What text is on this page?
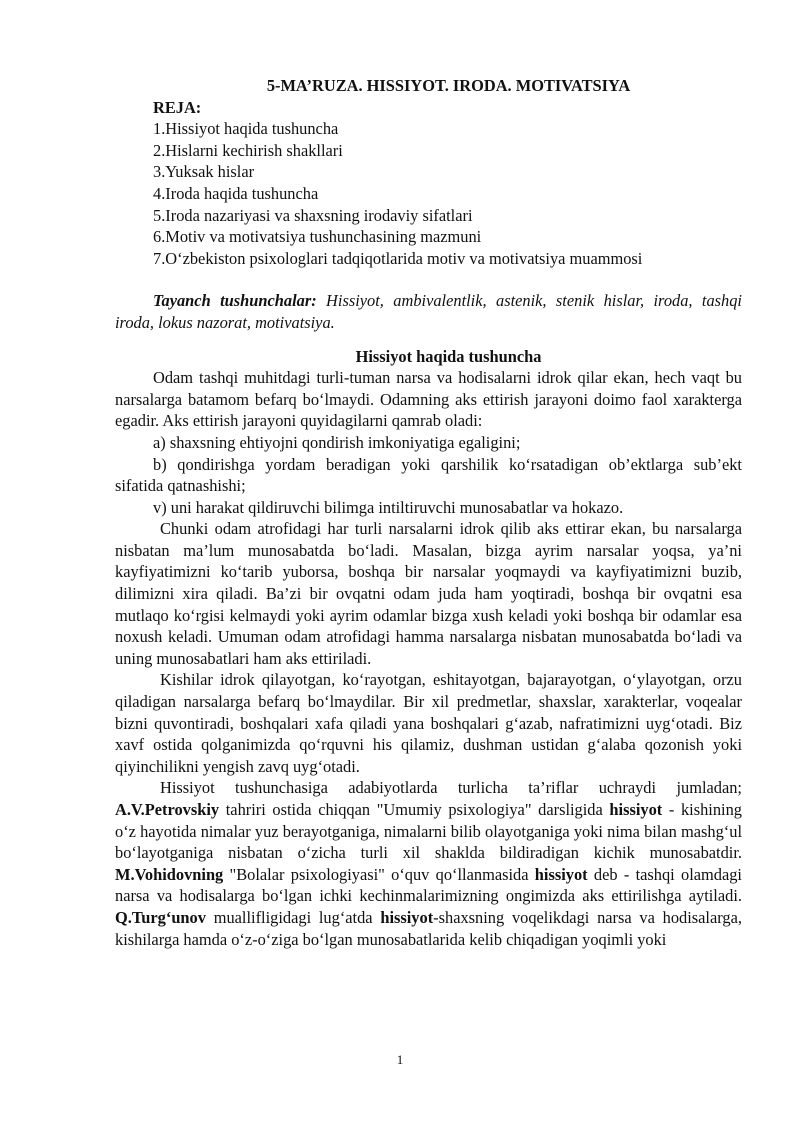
5-MA’RUZA. HISSIYOT. IRODA. MOTIVATSIYA
REJA:
1.Hissiyot haqida tushuncha
2.Hislarni kechirish shakllari
3.Yuksak hislar
4.Iroda haqida tushuncha
5.Iroda nazariyasi va shaxsning irodaviy sifatlari
6.Motiv va motivatsiya tushunchasining mazmuni
7.O‘zbekiston psixologlari tadqiqotlarida motiv va motivatsiya muammosi

Tayanch tushunchalar: Hissiyot, ambivalentlik, astenik, stenik hislar, iroda, tashqi iroda, lokus nazorat, motivatsiya.

Hissiyot haqida tushuncha

Odam tashqi muhitdagi turli-tuman narsa va hodisalarni idrok qilar ekan, hech vaqt bu narsalarga batamom befarq bo‘lmaydi. Odamning aks ettirish jarayoni doimo faol xarakterga egadir. Aks ettirish jarayoni quyidagilarni qamrab oladi:

a) shaxsning ehtiyojni qondirish imkoniyatiga egaligini;

b) qondirishga yordam beradigan yoki qarshilik ko‘rsatadigan ob’ektlarga sub’ekt sifatida qatnashishi;

v) uni harakat qildiruvchi bilimga intiltiruvchi munosabatlar va hokazo.

Chunki odam atrofidagi har turli narsalarni idrok qilib aks ettirar ekan, bu narsalarga nisbatan ma’lum munosabatda bo‘ladi. Masalan, bizga ayrim narsalar yoqsa, ya’ni kayfiyatimizni ko‘tarib yuborsa, boshqa bir narsalar yoqmaydi va kayfiyatimizni buzib, dilimizni xira qiladi. Ba’zi bir ovqatni odam juda ham yoqtiradi, boshqa bir ovqatni esa mutlaqo ko‘rgisi kelmaydi yoki ayrim odamlar bizga xush keladi yoki boshqa bir odamlar esa noxush keladi. Umuman odam atrofidagi hamma narsalarga nisbatan munosabatda bo‘ladi va uning munosabatlari ham aks ettiriladi.

Kishilar idrok qilayotgan, ko‘rayotgan, eshitayotgan, bajarayotgan, o‘ylayotgan, orzu qiladigan narsalarga befarq bo‘lmaydilar. Bir xil predmetlar, shaxslar, xarakterlar, voqealar bizni quvontiradi, boshqalari xafa qiladi yana boshqalari g‘azab, nafratimizni uyg‘otadi. Biz xavf ostida qolganimizda qo‘rquvni his qilamiz, dushman ustidan g‘alaba qozonish yoki qiyinchilikni yengish zavq uyg‘otadi.

Hissiyot tushunchasiga adabiyotlarda turlicha ta’riflar uchraydi jumladan; A.V.Petrovskiy tahriri ostida chiqqan "Umumiy psixologiya" darsligida hissiyot - kishining o‘z hayotida nimalar yuz berayotganiga, nimalarni bilib olayotganiga yoki nima bilan mashg‘ul bo‘layotganiga nisbatan o‘zicha turli xil shaklda bildiradigan kichik munosabatdir. M.Vohidovning "Bolalar psixologiyasi" o‘quv qo‘llanmasida hissiyot deb - tashqi olamdagi narsa va hodisalarga bo‘lgan ichki kechinmalarimizning ongimizda aks ettirilishga aytiladi. Q.Turg‘unov muallifligidagi lug‘atda hissiyot-shaxsning voqelikdagi narsa va hodisalarga, kishilarga hamda o‘z-o‘ziga bo‘lgan munosabatlarida kelib chiqadigan yoqimli yoki

1
